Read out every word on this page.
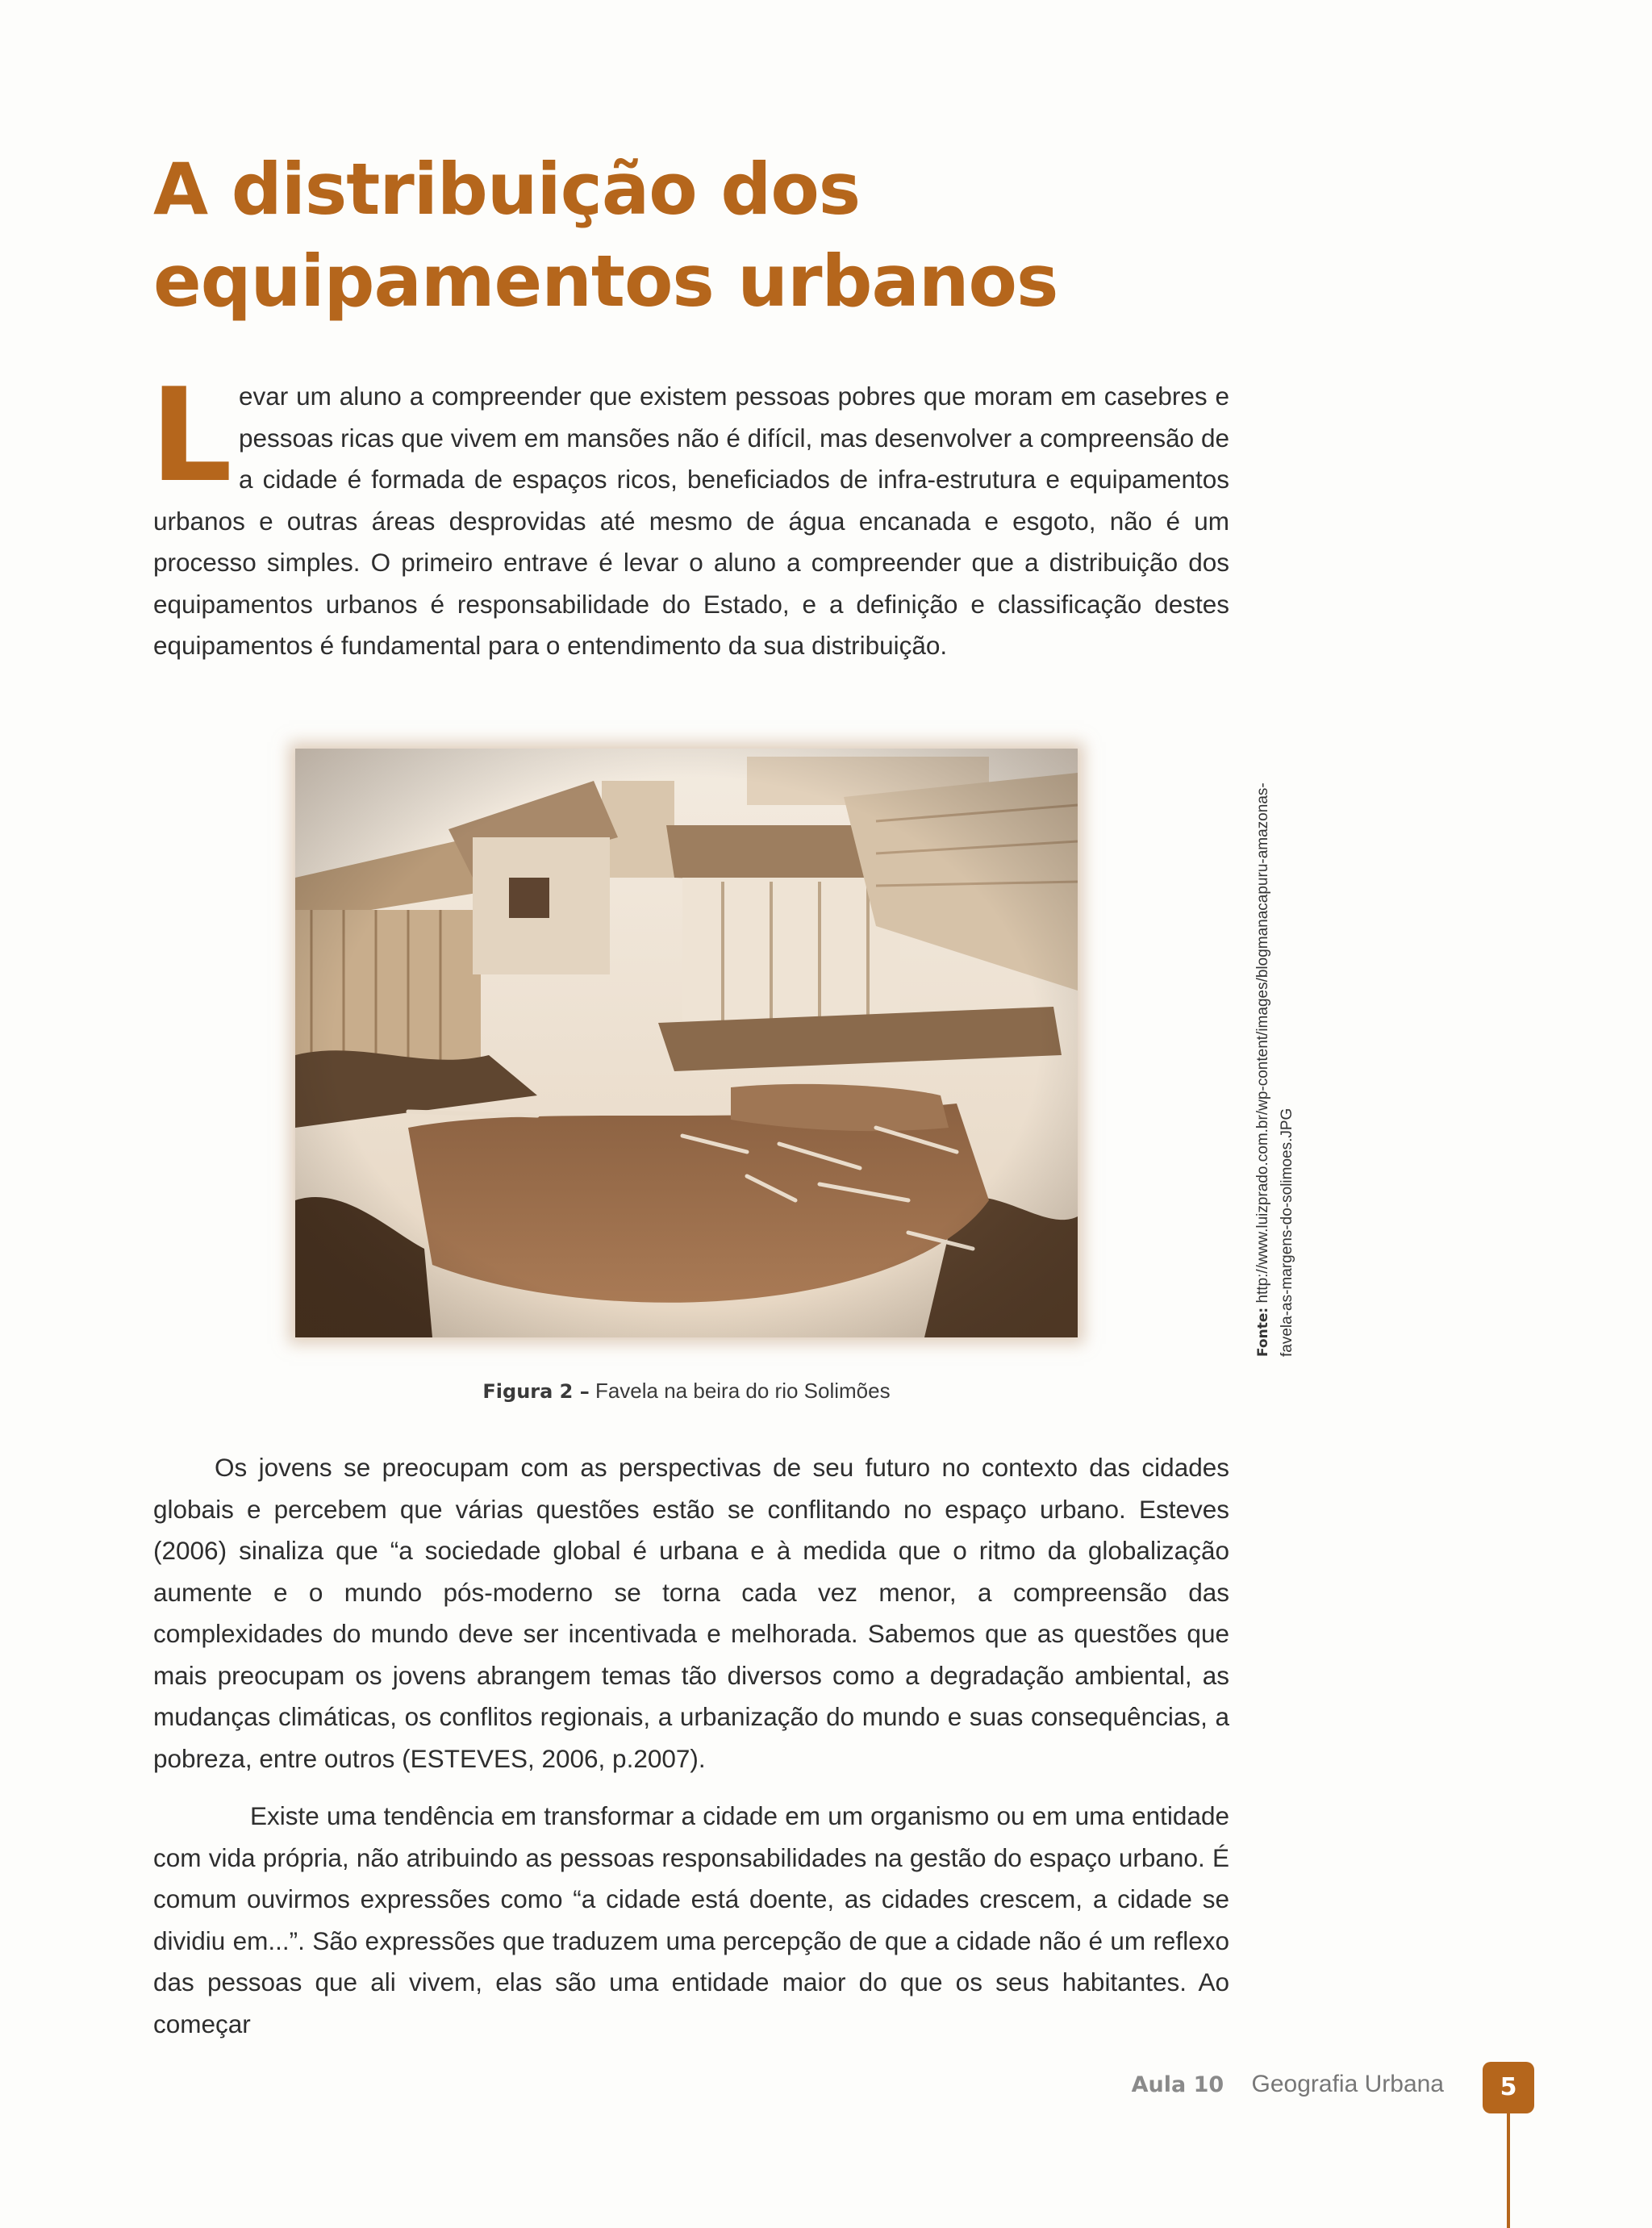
A distribuição dos
equipamentos urbanos
L evar um aluno a compreender que existem pessoas pobres que moram em casebres e pessoas ricas que vivem em mansões não é difícil, mas desenvolver a compreensão de a cidade é formada de espaços ricos, beneficiados de infra-estrutura e equipamentos urbanos e outras áreas desprovidas até mesmo de água encanada e esgoto, não é um processo simples. O primeiro entrave é levar o aluno a compreender que a distribuição dos equipamentos urbanos é responsabilidade do Estado, e a definição e classificação destes equipamentos é fundamental para o entendimento da sua distribuição.

Figura 2 – Favela na beira do rio Solimões
Fonte: http://www.luizprado.com.br/wp-content/images/blogmanacapuru-amazonas-favela-as-margens-do-solimoes.JPG

Os jovens se preocupam com as perspectivas de seu futuro no contexto das cidades globais e percebem que várias questões estão se conflitando no espaço urbano. Esteves (2006) sinaliza que “a sociedade global é urbana e à medida que o ritmo da globalização aumente e o mundo pós-moderno se torna cada vez menor, a compreensão das complexidades do mundo deve ser incentivada e melhorada. Sabemos que as questões que mais preocupam os jovens abrangem temas tão diversos como a degradação ambiental, as mudanças climáticas, os conflitos regionais, a urbanização do mundo e suas consequências, a pobreza, entre outros (ESTEVES, 2006, p.2007).

Existe uma tendência em transformar a cidade em um organismo ou em uma entidade com vida própria, não atribuindo as pessoas responsabilidades na gestão do espaço urbano. É comum ouvirmos expressões como “a cidade está doente, as cidades crescem, a cidade se dividiu em...”. São expressões que traduzem uma percepção de que a cidade não é um reflexo das pessoas que ali vivem, elas são uma entidade maior do que os seus habitantes. Ao começar

Aula 10 Geografia Urbana	5
